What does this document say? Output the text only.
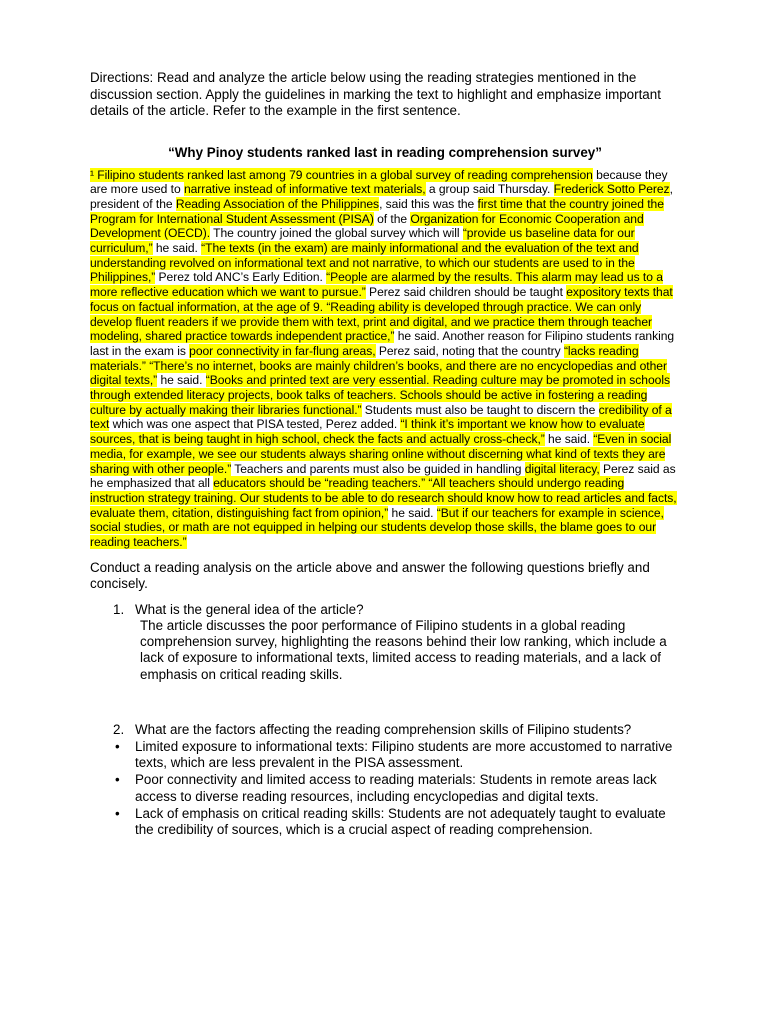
Directions: Read and analyze the article below using the reading strategies mentioned in the discussion section. Apply the guidelines in marking the text to highlight and emphasize important details of the article. Refer to the example in the first sentence.

“Why Pinoy students ranked last in reading comprehension survey”

¹ Filipino students ranked last among 79 countries in a global survey of reading comprehension because they are more used to narrative instead of informative text materials, a group said Thursday. Frederick Sotto Perez, president of the Reading Association of the Philippines, said this was the first time that the country joined the Program for International Student Assessment (PISA) of the Organization for Economic Cooperation and Development (OECD). The country joined the global survey which will “provide us baseline data for our curriculum,” he said. “The texts (in the exam) are mainly informational and the evaluation of the text and understanding revolved on informational text and not narrative, to which our students are used to in the Philippines,” Perez told ANC’s Early Edition. “People are alarmed by the results. This alarm may lead us to a more reflective education which we want to pursue.” Perez said children should be taught expository texts that focus on factual information, at the age of 9. “Reading ability is developed through practice. We can only develop fluent readers if we provide them with text, print and digital, and we practice them through teacher modeling, shared practice towards independent practice,” he said. Another reason for Filipino students ranking last in the exam is poor connectivity in far-flung areas, Perez said, noting that the country “lacks reading materials.” “There’s no internet, books are mainly children’s books, and there are no encyclopedias and other digital texts,” he said. “Books and printed text are very essential. Reading culture may be promoted in schools through extended literacy projects, book talks of teachers. Schools should be active in fostering a reading culture by actually making their libraries functional.” Students must also be taught to discern the credibility of a text which was one aspect that PISA tested, Perez added. “I think it’s important we know how to evaluate sources, that is being taught in high school, check the facts and actually cross-check,” he said. “Even in social media, for example, we see our students always sharing online without discerning what kind of texts they are sharing with other people.” Teachers and parents must also be guided in handling digital literacy, Perez said as he emphasized that all educators should be “reading teachers.” “All teachers should undergo reading instruction strategy training. Our students to be able to do research should know how to read articles and facts, evaluate them, citation, distinguishing fact from opinion,” he said. “But if our teachers for example in science, social studies, or math are not equipped in helping our students develop those skills, the blame goes to our reading teachers.”

Conduct a reading analysis on the article above and answer the following questions briefly and concisely.

1. What is the general idea of the article?
The article discusses the poor performance of Filipino students in a global reading comprehension survey, highlighting the reasons behind their low ranking, which include a lack of exposure to informational texts, limited access to reading materials, and a lack of emphasis on critical reading skills.
2. What are the factors affecting the reading comprehension skills of Filipino students?
• Limited exposure to informational texts: Filipino students are more accustomed to narrative texts, which are less prevalent in the PISA assessment.
• Poor connectivity and limited access to reading materials: Students in remote areas lack access to diverse reading resources, including encyclopedias and digital texts.
• Lack of emphasis on critical reading skills: Students are not adequately taught to evaluate the credibility of sources, which is a crucial aspect of reading comprehension.
